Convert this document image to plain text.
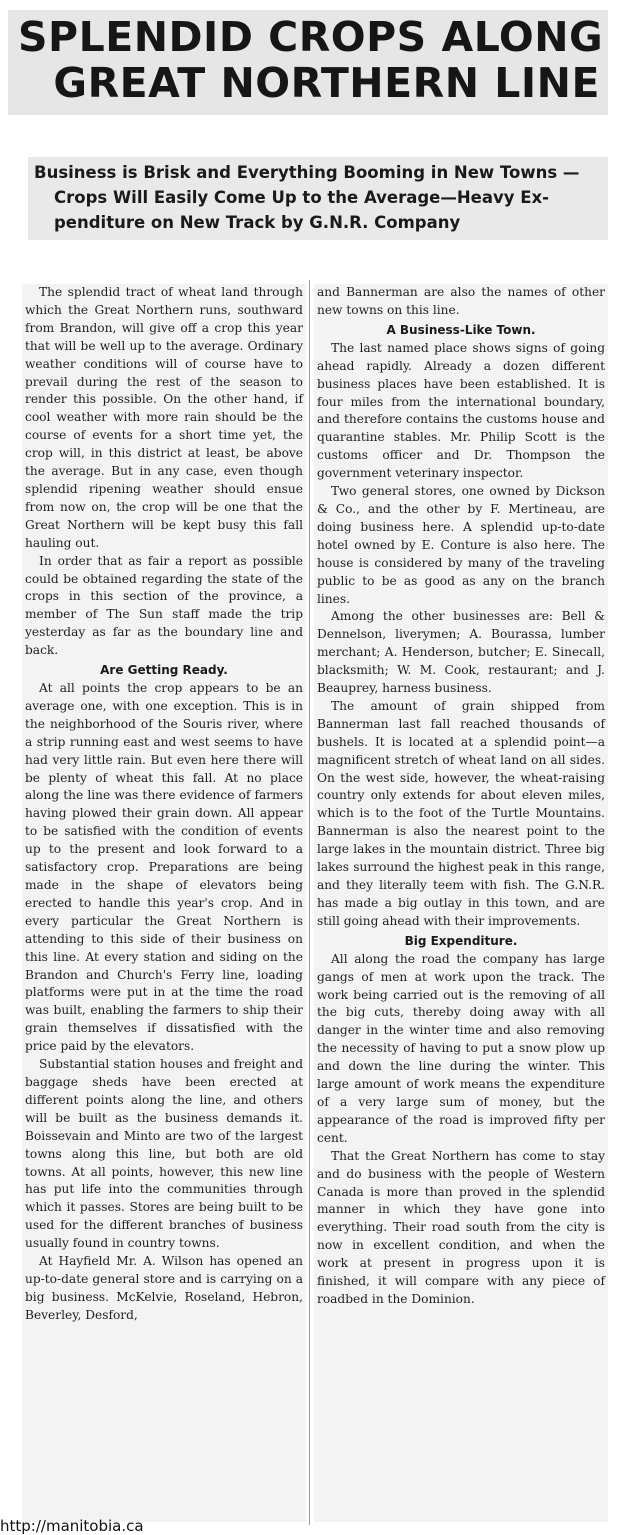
SPLENDID CROPS ALONG
GREAT NORTHERN LINE
Business is Brisk and Everything Booming in New Towns —
Crops Will Easily Come Up to the Average—Heavy Ex-
penditure on New Track by G.N.R. Company

The splendid tract of wheat land through which the Great Northern runs, southward from Brandon, will give off a crop this year that will be well up to the average. Ordinary weather conditions will of course have to prevail during the rest of the season to render this possible. On the other hand, if cool weather with more rain should be the course of events for a short time yet, the crop will, in this district at least, be above the average. But in any case, even though splendid ripening weather should ensue from now on, the crop will be one that the Great Northern will be kept busy this fall hauling out.

In order that as fair a report as possible could be obtained regarding the state of the crops in this section of the province, a member of The Sun staff made the trip yesterday as far as the boundary line and back.

Are Getting Ready.

At all points the crop appears to be an average one, with one exception. This is in the neighborhood of the Souris river, where a strip running east and west seems to have had very little rain. But even here there will be plenty of wheat this fall. At no place along the line was there evidence of farmers having plowed their grain down. All appear to be satisfied with the condition of events up to the present and look forward to a satisfactory crop. Preparations are being made in the shape of elevators being erected to handle this year's crop. And in every particular the Great Northern is attending to this side of their business on this line. At every station and siding on the Brandon and Church's Ferry line, loading platforms were put in at the time the road was built, enabling the farmers to ship their grain themselves if dissatisfied with the price paid by the elevators.

Substantial station houses and freight and baggage sheds have been erected at different points along the line, and others will be built as the business demands it. Boissevain and Minto are two of the largest towns along this line, but both are old towns. At all points, however, this new line has put life into the communities through which it passes. Stores are being built to be used for the different branches of business usually found in country towns.

At Hayfield Mr. A. Wilson has opened an up-to-date general store and is carrying on a big business. McKelvie, Roseland, Hebron, Beverley, Desford,

and Bannerman are also the names of other new towns on this line.

A Business-Like Town.

The last named place shows signs of going ahead rapidly. Already a dozen different business places have been established. It is four miles from the international boundary, and therefore contains the customs house and quarantine stables. Mr. Philip Scott is the customs officer and Dr. Thompson the government veterinary inspector.

Two general stores, one owned by Dickson & Co., and the other by F. Mertineau, are doing business here. A splendid up-to-date hotel owned by E. Conture is also here. The house is considered by many of the traveling public to be as good as any on the branch lines.

Among the other businesses are: Bell & Dennelson, liverymen; A. Bourassa, lumber merchant; A. Henderson, butcher; E. Sinecall, blacksmith; W. M. Cook, restaurant; and J. Beauprey, harness business.

The amount of grain shipped from Bannerman last fall reached thousands of bushels. It is located at a splendid point—a magnificent stretch of wheat land on all sides. On the west side, however, the wheat-raising country only extends for about eleven miles, which is to the foot of the Turtle Mountains. Bannerman is also the nearest point to the large lakes in the mountain district. Three big lakes surround the highest peak in this range, and they literally teem with fish. The G.N.R. has made a big outlay in this town, and are still going ahead with their improvements.

Big Expenditure.

All along the road the company has large gangs of men at work upon the track. The work being carried out is the removing of all the big cuts, thereby doing away with all danger in the winter time and also removing the necessity of having to put a snow plow up and down the line during the winter. This large amount of work means the expenditure of a very large sum of money, but the appearance of the road is improved fifty per cent.

That the Great Northern has come to stay and do business with the people of Western Canada is more than proved in the splendid manner in which they have gone into everything. Their road south from the city is now in excellent condition, and when the work at present in progress upon it is finished, it will compare with any piece of roadbed in the Dominion.

http://manitobia.ca
